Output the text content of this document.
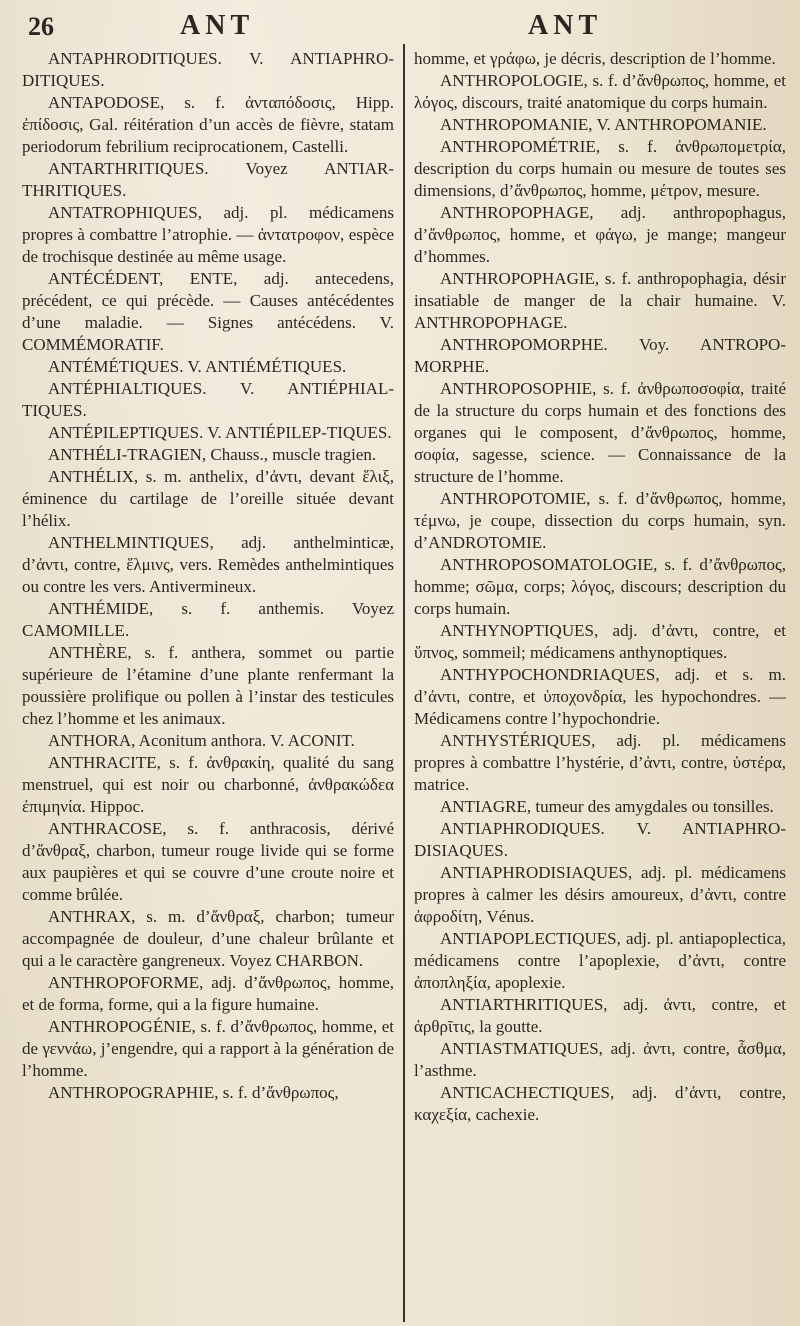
26	ANT	ANT

ANTAPHRODITIQUES. V. ANTIAPHRO-DITIQUES.

ANTAPODOSE, s. f. ἀνταπόδοσις, Hipp. ἐπίδοσις, Gal. réitération d’un accès de fièvre, statam periodorum febrilium reciprocationem, Castelli.

ANTARTHRITIQUES. Voyez ANTIAR-THRITIQUES.

ANTATROPHIQUES, adj. pl. médicamens propres à combattre l’atrophie. — ἀντατροφον, espèce de trochisque destinée au même usage.

ANTÉCÉDENT, ENTE, adj. antecedens, précédent, ce qui précède. — Causes antécédentes d’une maladie. — Signes antécédens. V. COMMÉMORATIF.

ANTÉMÉTIQUES. V. ANTIÉMÉTIQUES.

ANTÉPHIALTIQUES. V. ANTIÉPHIAL-TIQUES.

ANTÉPILEPTIQUES. V. ANTIÉPILEP-TIQUES.

ANTHÉLI-TRAGIEN, Chauss., muscle tragien.

ANTHÉLIX, s. m. anthelix, d’ἀντι, devant ἕλιξ, éminence du cartilage de l’oreille située devant l’hélix.

ANTHELMINTIQUES, adj. anthelminticæ, d’ἀντι, contre, ἕλμινς, vers. Remèdes anthelmintiques ou contre les vers. Antivermineux.

ANTHÉMIDE, s. f. anthemis. Voyez CAMOMILLE.

ANTHÈRE, s. f. anthera, sommet ou partie supérieure de l’étamine d’une plante renfermant la poussière prolifique ou pollen à l’instar des testicules chez l’homme et les animaux.

ANTHORA, Aconitum anthora. V. ACONIT.

ANTHRACITE, s. f. ἀνθρακίη, qualité du sang menstruel, qui est noir ou charbonné, ἀνθρακώδεα ἐπιμηνία. Hippoc.

ANTHRACOSE, s. f. anthracosis, dérivé d’ἄνθραξ, charbon, tumeur rouge livide qui se forme aux paupières et qui se couvre d’une croute noire et comme brûlée.

ANTHRAX, s. m. d’ἄνθραξ, charbon; tumeur accompagnée de douleur, d’une chaleur brûlante et qui a le caractère gangreneux. Voyez CHARBON.

ANTHROPOFORME, adj. d’ἄνθρωπος, homme, et de forma, forme, qui a la figure humaine.

ANTHROPOGÉNIE, s. f. d’ἄνθρωπος, homme, et de γεννάω, j’engendre, qui a rapport à la génération de l’homme.

ANTHROPOGRAPHIE, s. f. d’ἄνθρωπος,

homme, et γράφω, je décris, description de l’homme.

ANTHROPOLOGIE, s. f. d’ἄνθρωπος, homme, et λόγος, discours, traité anatomique du corps humain.

ANTHROPOMANIE, V. ANTHROPOMANIE.

ANTHROPOMÉTRIE, s. f. ἀνθρωπομετρία, description du corps humain ou mesure de toutes ses dimensions, d’ἄνθρωπος, homme, μέτρον, mesure.

ANTHROPOPHAGE, adj. anthropophagus, d’ἄνθρωπος, homme, et φάγω, je mange; mangeur d’hommes.

ANTHROPOPHAGIE, s. f. anthropophagia, désir insatiable de manger de la chair humaine. V. ANTHROPOPHAGE.

ANTHROPOMORPHE. Voy. ANTROPO-MORPHE.

ANTHROPOSOPHIE, s. f. ἀνθρωποσοφία, traité de la structure du corps humain et des fonctions des organes qui le composent, d’ἄνθρωπος, homme, σοφία, sagesse, science. — Connaissance de la structure de l’homme.

ANTHROPOTOMIE, s. f. d’ἄνθρωπος, homme, τέμνω, je coupe, dissection du corps humain, syn. d’ANDROTOMIE.

ANTHROPOSOMATOLOGIE, s. f. d’ἄνθρωπος, homme; σῶμα, corps; λόγος, discours; description du corps humain.

ANTHYNOPTIQUES, adj. d’ἀντι, contre, et ὕπνος, sommeil; médicamens anthynoptiques.

ANTHYPOCHONDRIAQUES, adj. et s. m. d’ἀντι, contre, et ὑποχονδρία, les hypochondres. — Médicamens contre l’hypochondrie.

ANTHYSTÉRIQUES, adj. pl. médicamens propres à combattre l’hystérie, d’ἀντι, contre, ὑστέρα, matrice.

ANTIAGRE, tumeur des amygdales ou tonsilles.

ANTIAPHRODIQUES. V. ANTIAPHRO-DISIAQUES.

ANTIAPHRODISIAQUES, adj. pl. médicamens propres à calmer les désirs amoureux, d’ἀντι, contre ἀφροδίτη, Vénus.

ANTIAPOPLECTIQUES, adj. pl. antiapoplectica, médicamens contre l’apoplexie, d’ἀντι, contre ἀποπληξία, apoplexie.

ANTIARTHRITIQUES, adj. ἀντι, contre, et ἀρθρῖτις, la goutte.

ANTIASTMATIQUES, adj. ἀντι, contre, ἆσθμα, l’asthme.

ANTICACHECTIQUES, adj. d’ἀντι, contre, καχεξία, cachexie.
